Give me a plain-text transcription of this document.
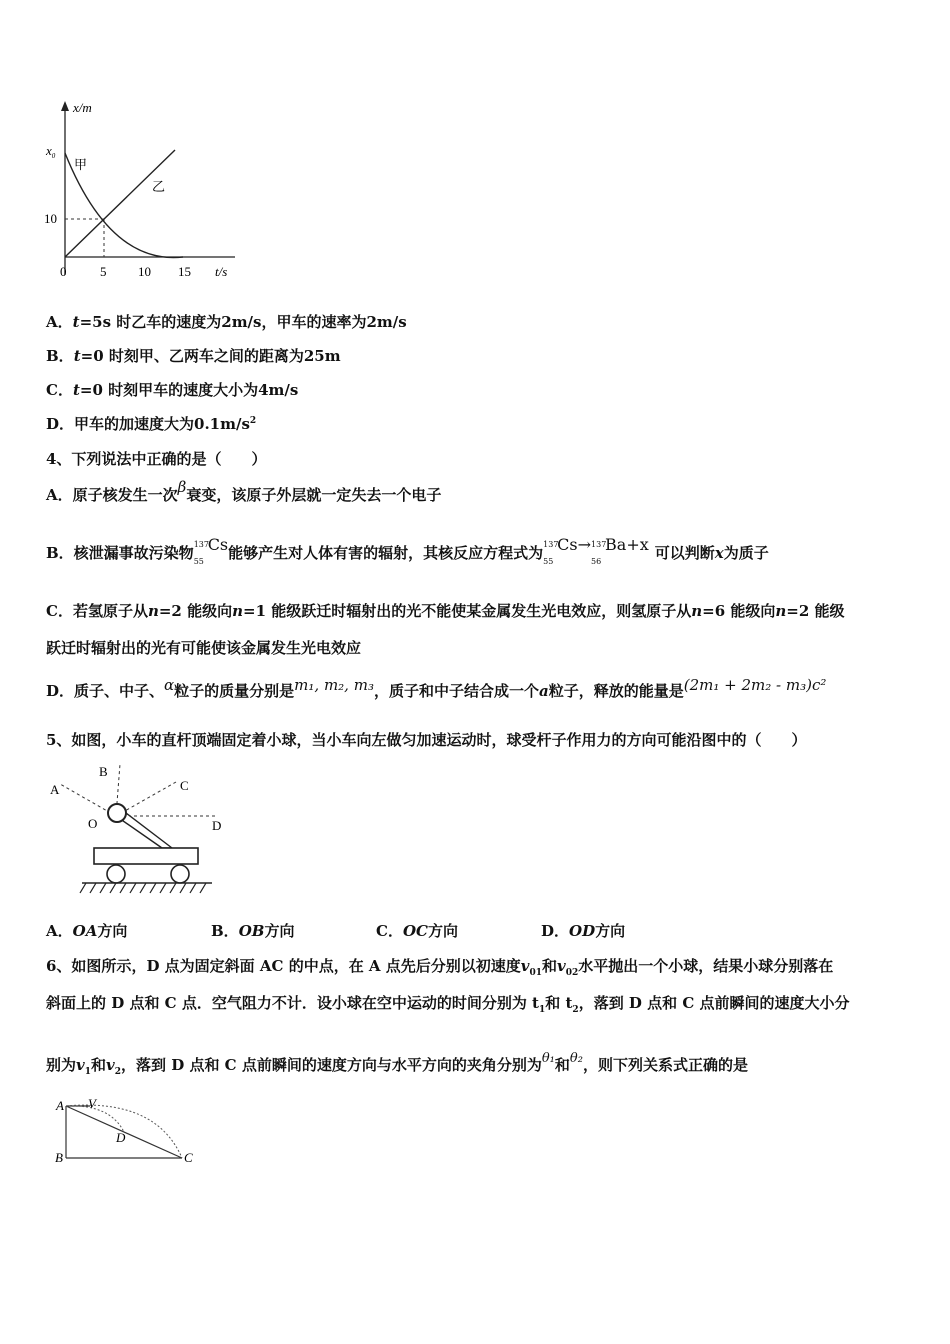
x/m
$x_0$
10
甲
乙
0	5 10 15 t/s
A．t=5s 时乙车的速度为2m/s，甲车的速率为2m/s
B．t=0 时刻甲、乙两车之间的距离为25m
C．t=0 时刻甲车的速度大小为4m/s
D．甲车的加速度大为$0.1m/s^2$
4、下列说法中正确的是（　　）
A．原子核发生一次β衰变，该原子外层就一定失去一个电子
B．核泄漏事故污染物 137
55
Cs能够产生对人体有害的辐射，其核反应方程式为 137
55
Cs→ 137
56
Ba+x 可以判断x为质子
C．若氢原子从n=2 能级向n=1 能级跃迁时辐射出的光不能使某金属发生光电效应，则氢原子从n=6 能级向n=2 能级
跃迁时辐射出的光有可能使该金属发生光电效应
D．质子、中子、α粒子的质量分别是m₁, m₂, m₃，质子和中子结合成一个a粒子，释放的能量是(2m₁ + 2m₂ - m₃)c²
5、如图，小车的直杆顶端固定着小球，当小车向左做匀加速运动时，球受杆子作用力的方向可能沿图中的（　　）
A
B
C
O	D
A．OA方向	B．OB方向	C．OC方向	D．OD方向
6、如图所示，D 点为固定斜面 AC 的中点，在 A 点先后分别以初速度$v_{01}$和$v_{02}$水平抛出一个小球，结果小球分别落在
斜面上的 D 点和 C 点．空气阻力不计．设小球在空中运动的时间分别为 $t_1$和 $t_2$，落到 D 点和 C 点前瞬间的速度大小分
别为$v_1$和$v_2$，落到 D 点和 C 点前瞬间的速度方向与水平方向的夹角分别为θ₁和θ₂，则下列关系式正确的是
A V
D
B	C
